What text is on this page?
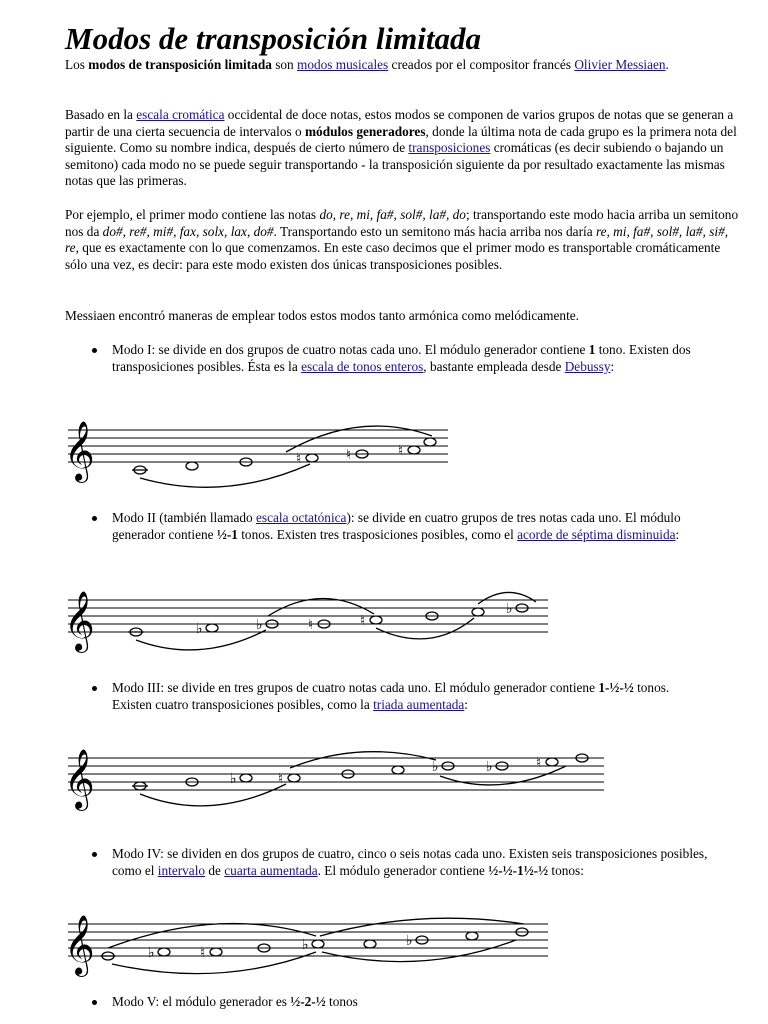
Modos de transposición limitada

Los modos de transposición limitada son modos musicales creados por el compositor francés Olivier Messiaen.

Basado en la escala cromática occidental de doce notas, estos modos se componen de varios grupos de notas que se generan a partir de una cierta secuencia de intervalos o módulos generadores, donde la última nota de cada grupo es la primera nota del siguiente. Como su nombre indica, después de cierto número de transposiciones cromáticas (es decir subiendo o bajando un semitono) cada modo no se puede seguir transportando - la transposición siguiente da por resultado exactamente las mismas notas que las primeras.

Por ejemplo, el primer modo contiene las notas do, re, mi, fa#, sol#, la#, do; transportando este modo hacia arriba un semitono nos da do#, re#, mi#, fax, solx, lax, do#. Transportando esto un semitono más hacia arriba nos daría re, mi, fa#, sol#, la#, si#, re, que es exactamente con lo que comenzamos. En este caso decimos que el primer modo es transportable cromáticamente sólo una vez, es decir: para este modo existen dos únicas transposiciones posibles.

Messiaen encontró maneras de emplear todos estos modos tanto armónica como melódicamente.

Modo I: se divide en dos grupos de cuatro notas cada uno. El módulo generador contiene 1 tono. Existen dos transposiciones posibles. Ésta es la escala de tonos enteros, bastante empleada desde Debussy:

Modo II (también llamado escala octatónica): se divide en cuatro grupos de tres notas cada uno. El módulo generador contiene ½-1 tonos. Existen tres trasposiciones posibles, como el acorde de séptima disminuida:

Modo III: se divide en tres grupos de cuatro notas cada uno. El módulo generador contiene 1-½-½ tonos. Existen cuatro transposiciones posibles, como la triada aumentada:

Modo IV: se dividen en dos grupos de cuatro, cinco o seis notas cada uno. Existen seis transposiciones posibles, como el intervalo de cuarta aumentada. El módulo generador contiene ½-½-1½-½ tonos:

Modo V: el módulo generador es ½-2-½ tonos

𝄞	♮	♮	♮
𝄞	♭	♭	♮	♮
♭
𝄞	♭	♮
♭	♭	♮
𝄞	♭	♮	♭	♭
